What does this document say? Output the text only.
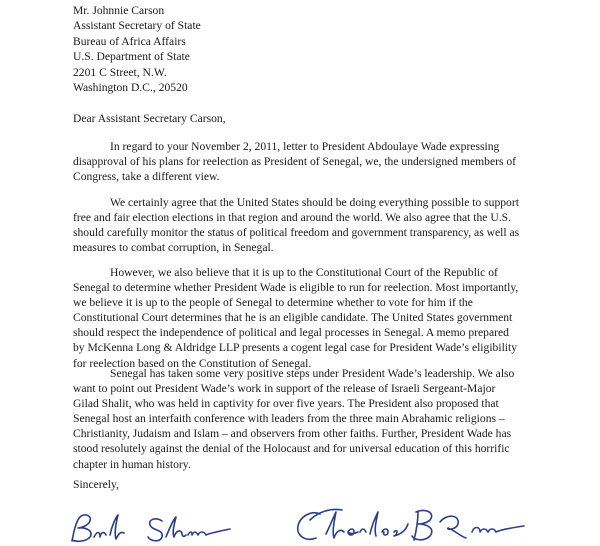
Mr. Johnnie Carson
Assistant Secretary of State
Bureau of Africa Affairs
U.S. Department of State
2201 C Street, N.W.
Washington D.C., 20520
Dear Assistant Secretary Carson,
In regard to your November 2, 2011, letter to President Abdoulaye Wade expressing
disapproval of his plans for reelection as President of Senegal, we, the undersigned members of
Congress, take a different view.
We certainly agree that the United States should be doing everything possible to support
free and fair election elections in that region and around the world. We also agree that the U.S.
should carefully monitor the status of political freedom and government transparency, as well as
measures to combat corruption, in Senegal.
However, we also believe that it is up to the Constitutional Court of the Republic of
Senegal to determine whether President Wade is eligible to run for reelection. Most importantly,
we believe it is up to the people of Senegal to determine whether to vote for him if the
Constitutional Court determines that he is an eligible candidate. The United States government
should respect the independence of political and legal processes in Senegal. A memo prepared
by McKenna Long & Aldridge LLP presents a cogent legal case for President Wade’s eligibility
for reelection based on the Constitution of Senegal.
Senegal has taken some very positive steps under President Wade’s leadership. We also
want to point out President Wade’s work in support of the release of Israeli Sergeant-Major
Gilad Shalit, who was held in captivity for over five years. The President also proposed that
Senegal host an interfaith conference with leaders from the three main Abrahamic religions –
Christianity, Judaism and Islam – and observers from other faiths. Further, President Wade has
stood resolutely against the denial of the Holocaust and for universal education of this horrific
chapter in human history.
Sincerely,
